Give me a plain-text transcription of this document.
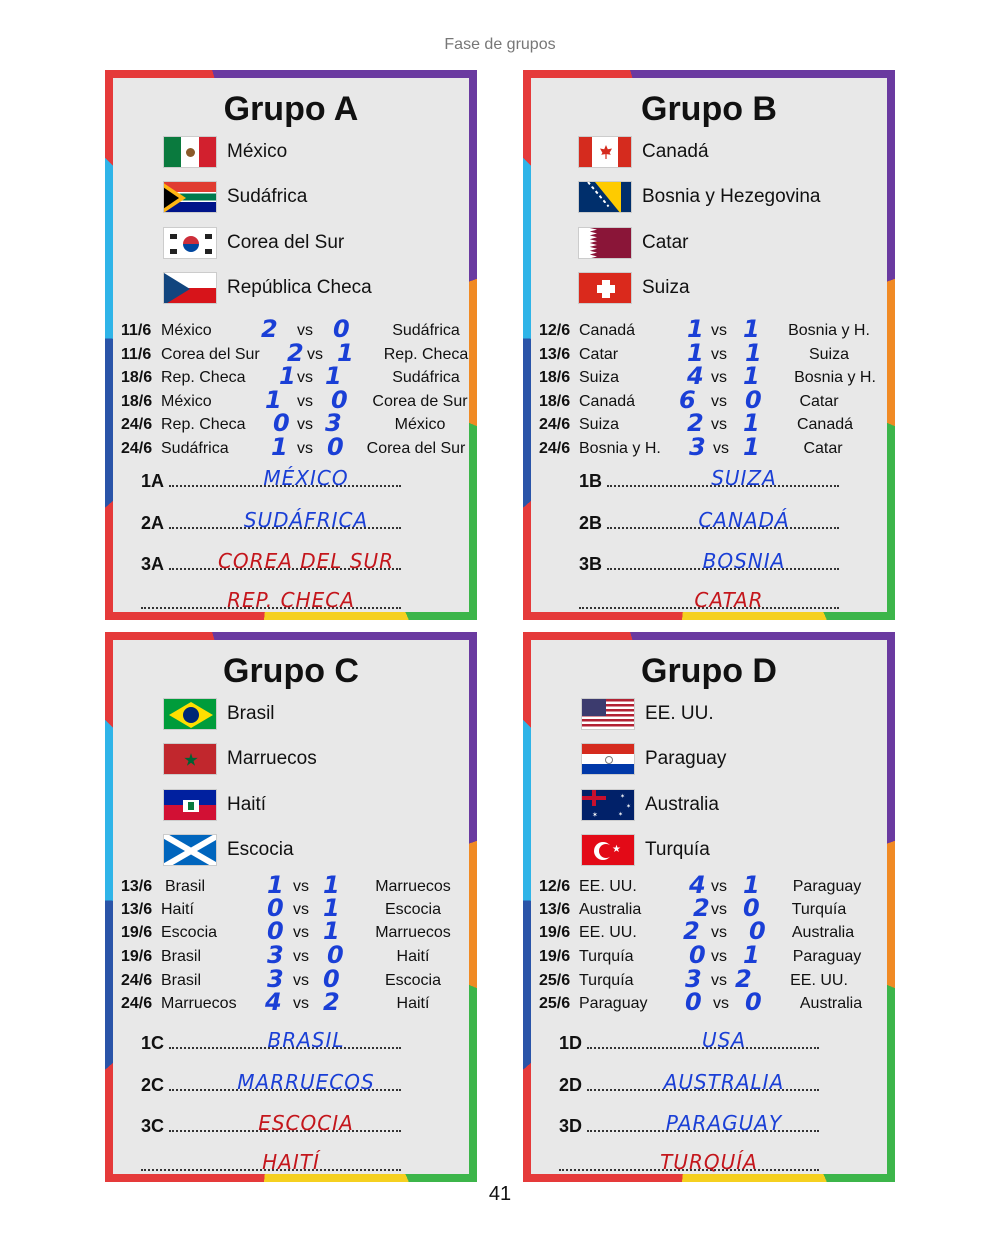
Fase de grupos
Grupo A
México
Sudáfrica
Corea del Sur
República Checa
11/6 México 2 vs 0	Sudáfrica
11/6 Corea del Sur 2 vs 1	Rep. Checa
18/6 Rep. Checa 1 vs 1	Sudáfrica
18/6 México 1 vs 0	Corea de Sur
24/6 Rep. Checa 0 vs 3	México
24/6 Sudáfrica 1 vs 0	Corea del Sur
1A	MÉXICO
2A	SUDÁFRICA
3A	COREA DEL SUR
REP. CHECA
Grupo B
Canadá
Bosnia y Hezegovina
Catar
Suiza
12/6 Canadá 1 vs 1	Bosnia y H.
13/6 Catar	1 vs 1	Suiza
18/6 Suiza	4 vs 1	Bosnia y H.
18/6 Canadá 6 vs 0	Catar
24/6 Suiza	2 vs 1	Canadá
24/6 Bosnia y H. 3 vs 1	Catar
1B	SUIZA
2B	CANADÁ
3B	BOSNIA
CATAR
Grupo C
Brasil
Marruecos
Haití
Escocia
13/6 Brasil	1 vs 1	Marruecos
13/6 Haití	0 vs 1	Escocia
19/6 Escocia 0 vs 1	Marruecos
19/6 Brasil	3 vs 0	Haití
24/6 Brasil	3 vs 0	Escocia
24/6 Marruecos 4 vs 2	Haití
1C	BRASIL
2C	MARRUECOS
3C	ESCOCIA
HAITÍ
Grupo D
EE. UU.
Paraguay
✶
✶
✶
✶ Australia
★ Turquía
12/6 EE. UU. 4 vs 1	Paraguay
13/6 Australia 2 vs 0	Turquía
19/6 EE. UU. 2 vs 0	Australia
19/6 Turquía 0 vs 1	Paraguay
25/6 Turquía 3 vs 2	EE. UU.
25/6 Paraguay 0 vs 0	Australia
1D	USA
2D	AUSTRALIA
3D	PARAGUAY
TURQUÍA
41
